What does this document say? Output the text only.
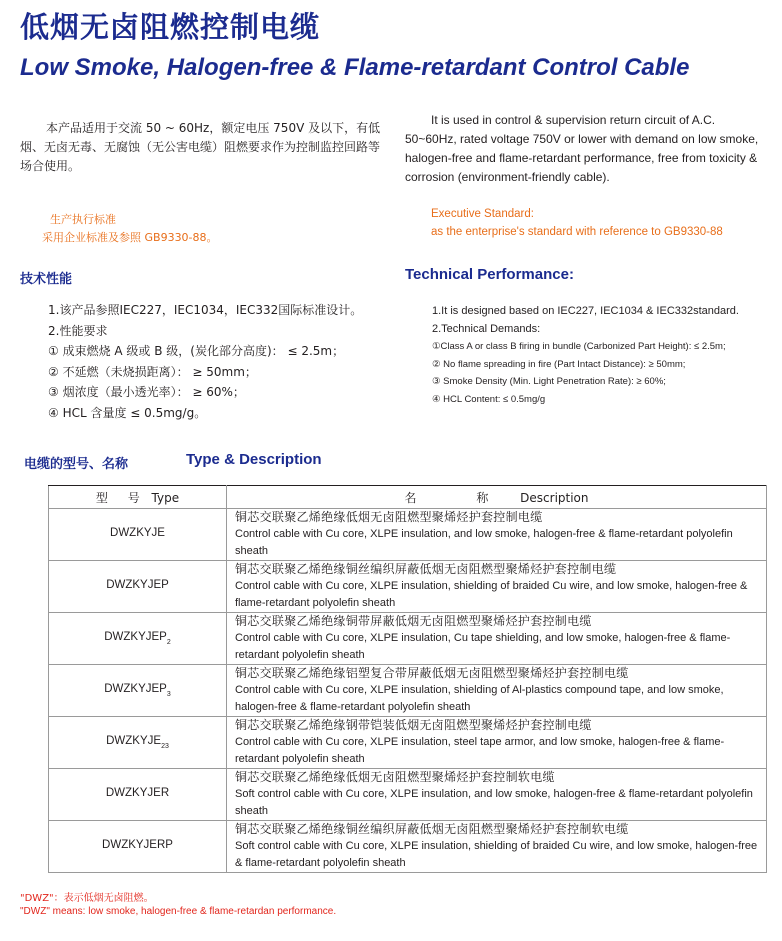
低烟无卤阻燃控制电缆
Low Smoke, Halogen-free & Flame-retardant Control Cable

本产品适用于交流 50 ~ 60Hz，额定电压 750V 及以下，有低烟、无卤无毒、无腐蚀（无公害电缆）阻燃要求作为控制监控回路等场合使用。

It is used in control & supervision return circuit of A.C. 50~60Hz, rated voltage 750V or lower with demand on low smoke, halogen-free and flame-retardant performance, free from toxicity & corrosion (environment-friendly cable).

生产执行标准
采用企业标准及参照 GB9330-88。
Executive Standard:
as the enterprise's standard with reference to GB9330-88
技术性能	Technical Performance:
1.该产品参照IEC227，IEC1034，IEC332国际标准设计。
2.性能要求
① 成束燃烧 A 级或 B 级，(炭化部分高度)： ≤ 2.5m；
② 不延燃（未烧损距离）： ≥ 50mm；
③ 烟浓度（最小透光率）： ≥ 60%；
④ HCL 含量度 ≤ 0.5mg/g。
1.It is designed based on IEC227, IEC1034 & IEC332standard.
2.Technical Demands:
①Class A or class B firing in bundle (Carbonized Part Height): ≤ 2.5m;
② No flame spreading in fire (Part Intact Distance): ≥ 50mm;
③ Smoke Density (Min. Light Penetration Rate): ≥ 60%;
④ HCL Content: ≤ 0.5mg/g
电缆的型号、名称	Type & Description
型 号 Type	名 称 Description
DWZKYJE	铜芯交联聚乙烯绝缘低烟无卤阻燃型聚烯烃护套控制电缆
Control cable with Cu core, XLPE insulation, and low smoke, halogen-free & flame-retardant polyolefin sheath

DWZKYJEP	铜芯交联聚乙烯绝缘铜丝编织屏蔽低烟无卤阻燃型聚烯烃护套控制电缆
Control cable with Cu core, XLPE insulation, shielding of braided Cu wire, and low smoke, halogen-free & flame-retardant polyolefin sheath

$DWZKYJEP_2$	铜芯交联聚乙烯绝缘铜带屏蔽低烟无卤阻燃型聚烯烃护套控制电缆
Control cable with Cu core, XLPE insulation, Cu tape shielding, and low smoke, halogen-free & flame-retardant polyolefin sheath

$DWZKYJEP_3$	铜芯交联聚乙烯绝缘铝塑复合带屏蔽低烟无卤阻燃型聚烯烃护套控制电缆
Control cable with Cu core, XLPE insulation, shielding of Al-plastics compound tape, and low smoke, halogen-free & flame-retardant polyolefin sheath

$DWZKYJE_{23}$	铜芯交联聚乙烯绝缘钢带铠装低烟无卤阻燃型聚烯烃护套控制电缆
Control cable with Cu core, XLPE insulation, steel tape armor, and low smoke, halogen-free & flame-retardant polyolefin sheath

DWZKYJER	铜芯交联聚乙烯绝缘低烟无卤阻燃型聚烯烃护套控制软电缆
Soft control cable with Cu core, XLPE insulation, and low smoke, halogen-free & flame-retardant polyolefin sheath

DWZKYJERP	铜芯交联聚乙烯绝缘铜丝编织屏蔽低烟无卤阻燃型聚烯烃护套控制软电缆
Soft control cable with Cu core, XLPE insulation, shielding of braided Cu wire, and low smoke, halogen-free & flame-retardant polyolefin sheath
"DWZ"：表示低烟无卤阻燃。
"DWZ" means: low smoke, halogen-free & flame-retardan performance.
